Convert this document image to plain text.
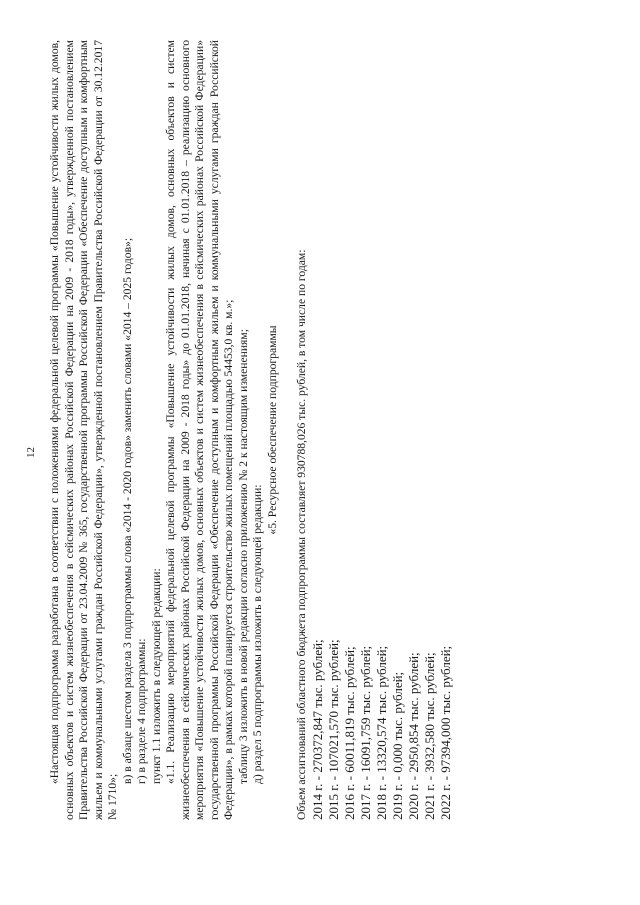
12 «Настоящая подпрограмма разработана в соответствии с положениями федеральной целевой программы «Повышение устойчивости жилых домов, основных объектов и систем жизнеобеспечения в сейсмических районах Российской Федерации на 2009 - 2018 годы», утвержденной постановлением Правительства Российской Федерации от 23.04.2009 № 365, государственной программы Российской Федерации «Обеспечение доступным и комфортным жильем и коммунальными услугами граждан Российской Федерации», утвержденной постановлением Правительства Российской Федерации от 30.12.2017 № 1710»;

в) в абзаце шестом раздела 3 подпрограммы слова «2014 - 2020 годов» заменить словами «2014 – 2025 годов»; г) в разделе 4 подпрограммы: пункт 1.1 изложить в следующей редакции: «1.1. Реализацию мероприятий федеральной целевой программы «Повышение устойчивости жилых домов, основных объектов и систем жизнеобеспечения в сейсмических районах Российской Федерации на 2009 - 2018 годы» до 01.01.2018, начиная с 01.01.2018 – реализацию основного мероприятия «Повышение устойчивости жилых домов, основных объектов и систем жизнеобеспечения в сейсмических районах Российской Федерации» государственной программы Российской Федерации «Обеспечение доступным и комфортным жильем и коммунальными услугами граждан Российской Федерации», в рамках которой планируется строительство жилых помещений площадью 54453,0 кв. м.»; таблицу 3 изложить в новой редакции согласно приложению № 2 к настоящим изменениям; д) раздел 5 подпрограммы изложить в следующей редакции:

«5. Ресурсное обеспечение подпрограммы Объем ассигнований областного бюджета подпрограммы составляет 930788,026 тыс. рублей, в том числе по годам: 2014 г. - 270372,847 тыс. рублей; 2015 г. - 107021,570 тыс. рублей; 2016 г. - 60011,819 тыс. рублей; 2017 г. - 16091,759 тыс. рублей; 2018 г. - 13320,574 тыс. рублей; 2019 г. - 0,000 тыс. рублей; 2020 г. - 2950,854 тыс. рублей; 2021 г. - 3932,580 тыс. рублей; 2022 г. - 97394,000 тыс. рублей;
